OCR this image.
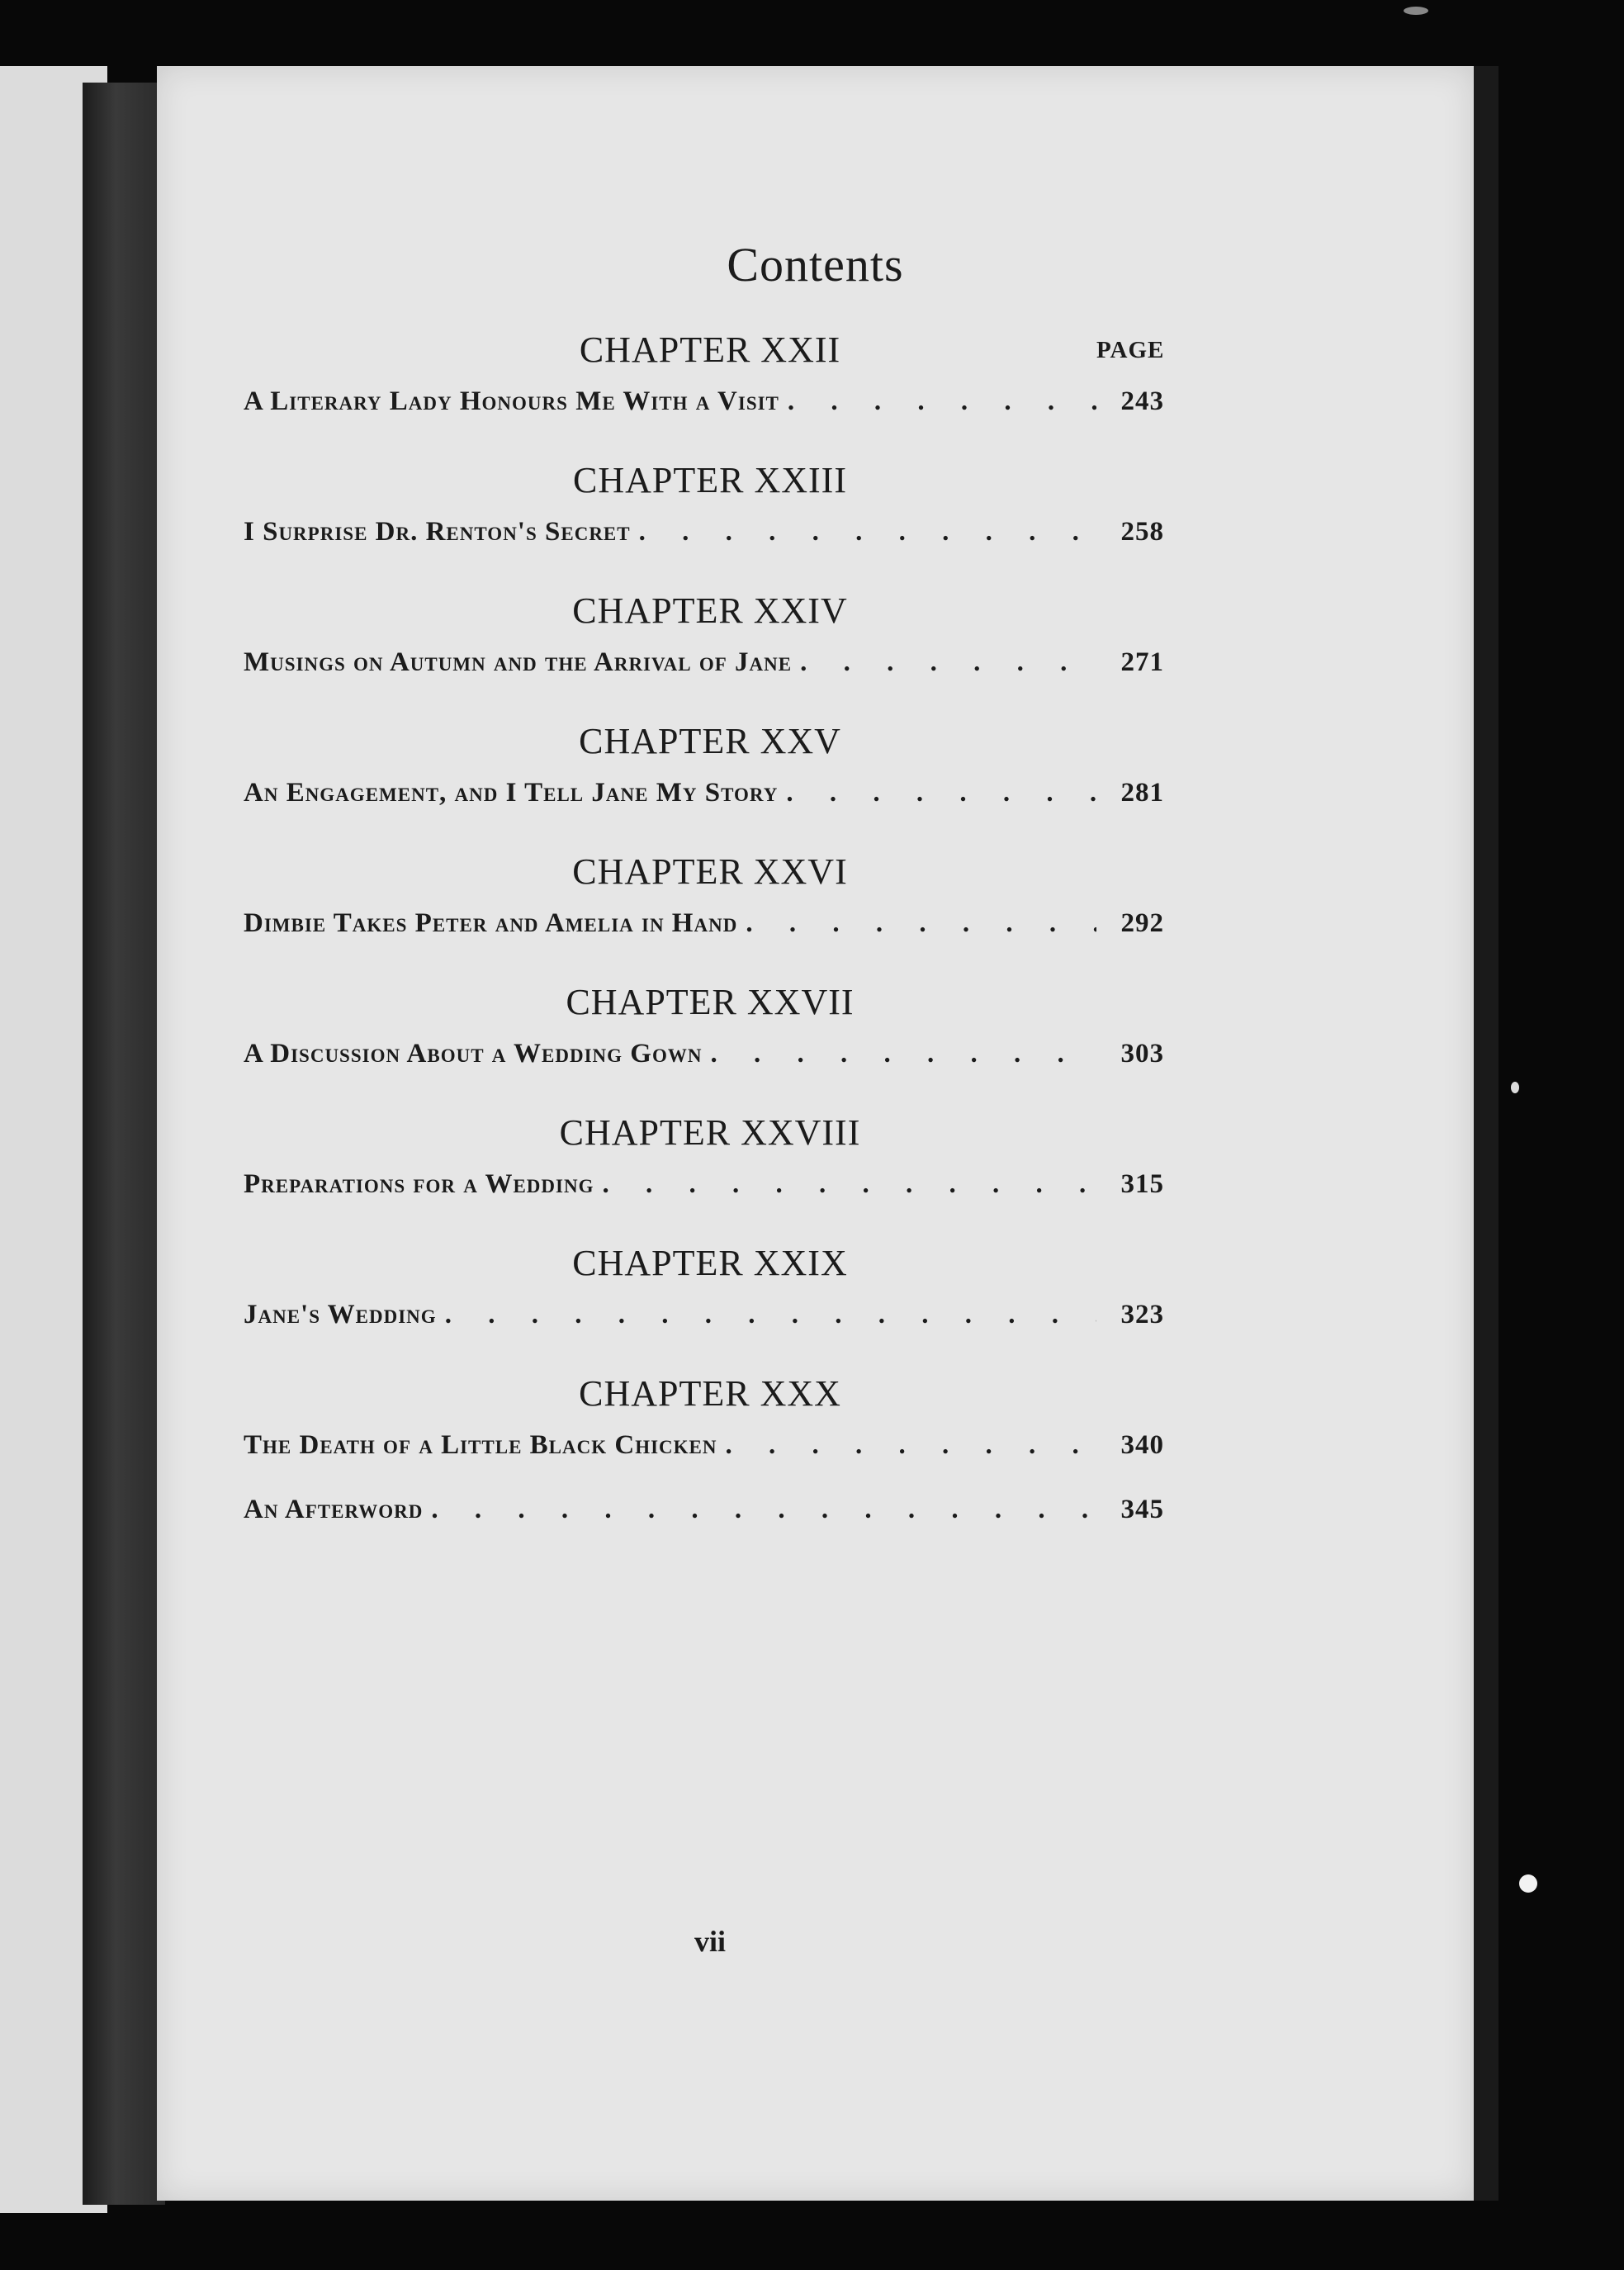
Contents
PAGE
CHAPTER XXII
A Literary Lady Honours Me With a Visit . . .	243
CHAPTER XXIII
I Surprise Dr. Renton's Secret . . .	258
CHAPTER XXIV
Musings on Autumn and the Arrival of Jane . . .	271
CHAPTER XXV
An Engagement, and I Tell Jane My Story . . .	281
CHAPTER XXVI
Dimbie Takes Peter and Amelia in Hand . . .	292
CHAPTER XXVII
A Discussion About a Wedding Gown . . .	303
CHAPTER XXVIII
Preparations for a Wedding . . .	315
CHAPTER XXIX
Jane's Wedding . . .	323
CHAPTER XXX
The Death of a Little Black Chicken . . .	340
An Afterword . . .	345
vii
